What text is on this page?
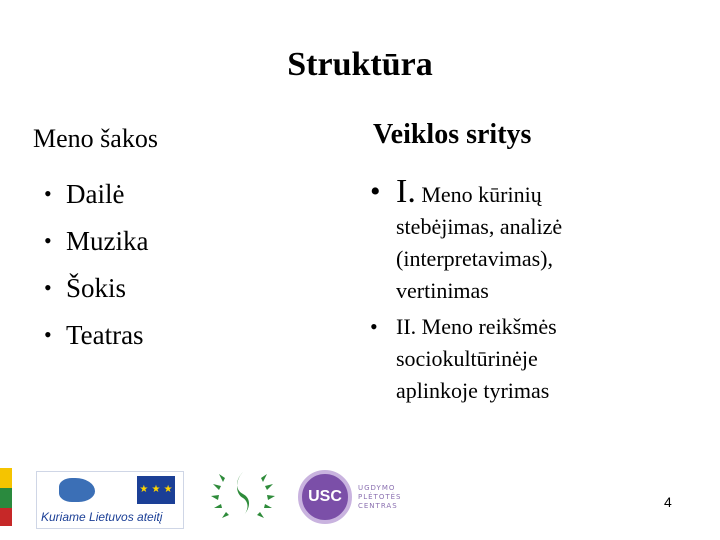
Struktūra
Meno šakos
• Dailė
• Muzika
• Šokis
• Teatras
Veiklos sritys
• I. Meno kūrinių
stebėjimas, analizė
(interpretavimas),
vertinimas
• II. Meno reikšmės
sociokultūrinėje
aplinkoje tyrimas
★ ★ ★
Kuriame Lietuvos ateitį
USC	UGDYMO
PLĖTOTĖS
CENTRAS	4
